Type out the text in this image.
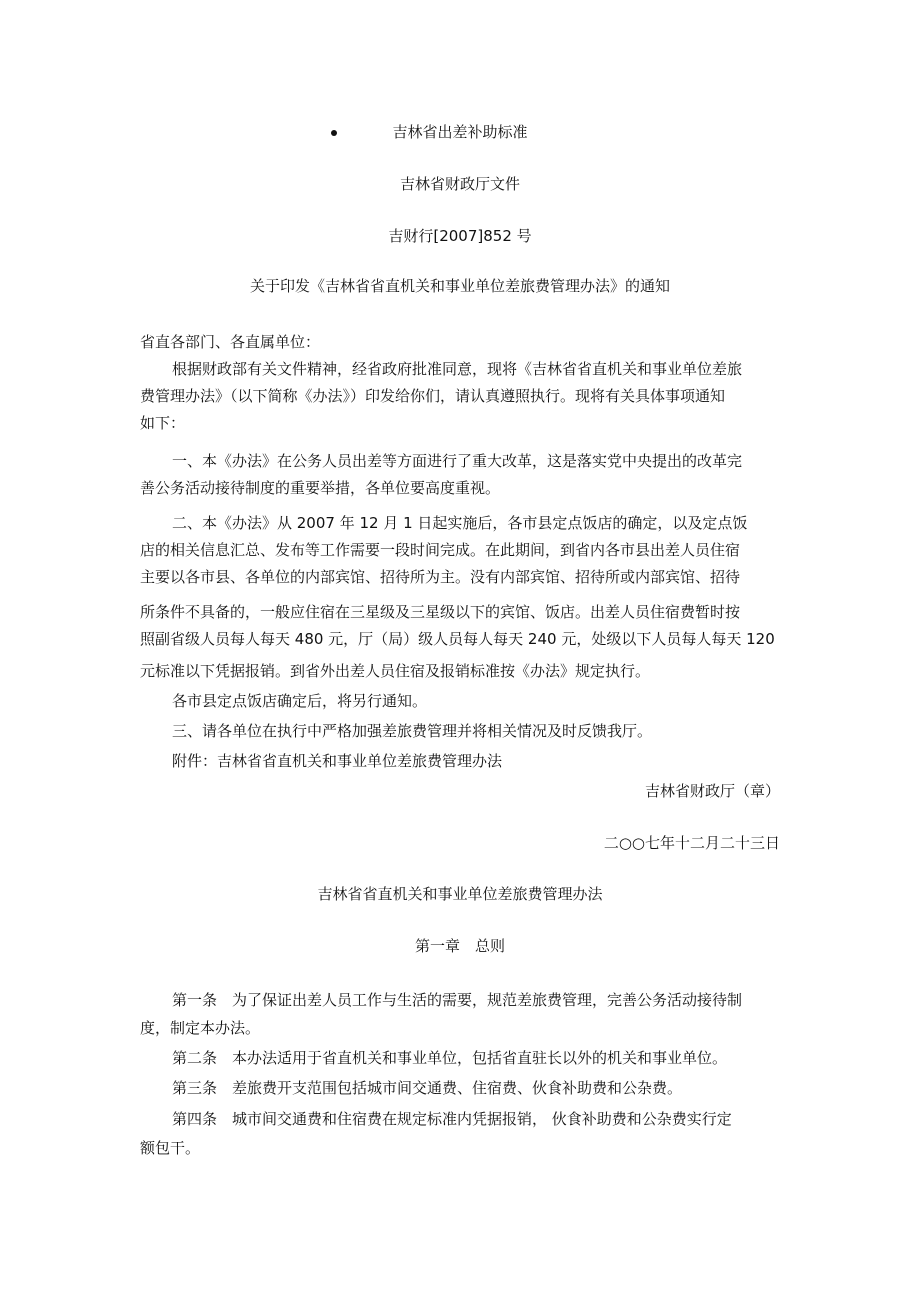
吉林省出差补助标准
吉林省财政厅文件
吉财行[2007]852 号
关于印发《吉林省省直机关和事业单位差旅费管理办法》的通知
省直各部门、各直属单位：
根据财政部有关文件精神，经省政府批准同意，现将《吉林省省直机关和事业单位差旅
费管理办法》（以下简称《办法》）印发给你们，请认真遵照执行。现将有关具体事项通知
如下：
一、本《办法》在公务人员出差等方面进行了重大改革，这是落实党中央提出的改革完
善公务活动接待制度的重要举措，各单位要高度重视。
二、本《办法》从 2007 年 12 月 1 日起实施后，各市县定点饭店的确定，以及定点饭
店的相关信息汇总、发布等工作需要一段时间完成。在此期间，到省内各市县出差人员住宿
主要以各市县、各单位的内部宾馆、招待所为主。没有内部宾馆、招待所或内部宾馆、招待
所条件不具备的，一般应住宿在三星级及三星级以下的宾馆、饭店。出差人员住宿费暂时按
照副省级人员每人每天 480 元，厅（局）级人员每人每天 240 元，处级以下人员每人每天 120
元标准以下凭据报销。到省外出差人员住宿及报销标准按《办法》规定执行。
各市县定点饭店确定后，将另行通知。
三、请各单位在执行中严格加强差旅费管理并将相关情况及时反馈我厅。
附件：吉林省省直机关和事业单位差旅费管理办法
吉林省财政厅（章）
二○○七年十二月二十三日
吉林省省直机关和事业单位差旅费管理办法
第一章　总则
第一条　为了保证出差人员工作与生活的需要，规范差旅费管理，完善公务活动接待制
度，制定本办法。
第二条　本办法适用于省直机关和事业单位，包括省直驻长以外的机关和事业单位。
第三条　差旅费开支范围包括城市间交通费、住宿费、伙食补助费和公杂费。
第四条　城市间交通费和住宿费在规定标准内凭据报销， 伙食补助费和公杂费实行定
额包干。
